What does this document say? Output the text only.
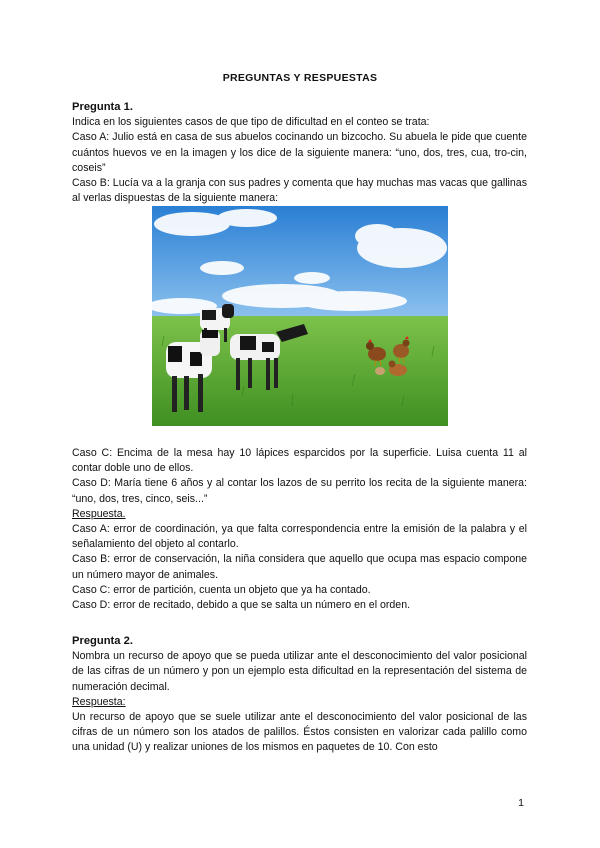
PREGUNTAS Y RESPUESTAS

Pregunta 1.

Indica en los siguientes casos de que tipo de dificultad en el conteo se trata:

Caso A: Julio está en casa de sus abuelos cocinando un bizcocho. Su abuela le pide que cuente cuántos huevos ve en la imagen y los dice de la siguiente manera: “uno, dos, tres, cua, tro-cin, coseis”

Caso B: Lucía va a la granja con sus padres y comenta que hay muchas mas vacas que gallinas al verlas dispuestas de la siguiente manera:

Caso C: Encima de la mesa hay 10 lápices esparcidos por la superficie. Luisa cuenta 11 al contar doble uno de ellos.

Caso D: María tiene 6 años y al contar los lazos de su perrito los recita de la siguiente manera: “uno, dos, tres, cinco, seis...”

Respuesta.

Caso A: error de coordinación, ya que falta correspondencia entre la emisión de la palabra y el señalamiento del objeto al contarlo.

Caso B: error de conservación, la niña considera que aquello que ocupa mas espacio compone un número mayor de animales.

Caso C: error de partición, cuenta un objeto que ya ha contado.

Caso D: error de recitado, debido a que se salta un número en el orden.

Pregunta 2.

Nombra un recurso de apoyo que se pueda utilizar ante el desconocimiento del valor posicional de las cifras de un número y pon un ejemplo esta dificultad en la representación del sistema de numeración decimal.

Respuesta:

Un recurso de apoyo que se suele utilizar ante el desconocimiento del valor posicional de las cifras de un número son los atados de palillos. Éstos consisten en valorizar cada palillo como una unidad (U) y realizar uniones de los mismos en paquetes de 10. Con esto

1
